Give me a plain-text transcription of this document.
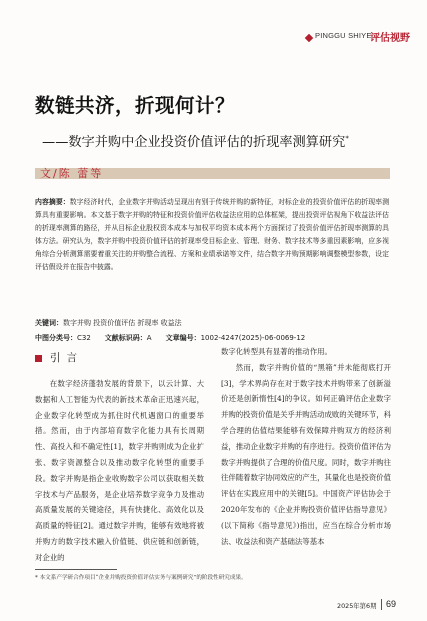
PINGGU SHIYE
评估视野
数链共济，折现何计？
——数字并购中企业投资价值评估的折现率测算研究*
文/陈 蕾等
内容摘要：数字经济时代，企业数字并购活动呈现出有别于传统并购的新特征，对标企业的投资价值评估的折现率测算具有重要影响。本文基于数字并购的特征和投资价值评估收益法应用的总体框架，提出投资评估视角下收益法评估的折现率测算的路径，并从目标企业股权资本成本与加权平均资本成本两个方面探讨了投资价值评估折现率测算的具体方法。研究认为，数字并购中投资价值评估的折现率受目标企业、管理、财务、数字技术等多重因素影响，应多视角综合分析测算需要着重关注的并购整合流程、方案和业绩承诺等文件，结合数字并购预期影响调整模型参数，设定评估假设并在报告中披露。
关键词：数字并购 投资价值评估 折现率 收益法
中图分类号：C32 文献标识码：A 文章编号：1002-4247(2025)-06-0069-12
引言

在数字经济蓬勃发展的背景下，以云计算、大数据和人工智能为代表的新技术革命正迅速兴起，企业数字化转型成为抓住时代机遇窗口的重要举措。然而，由于内部培育数字化能力具有长周期性、高投入和不确定性[1]，数字并购则成为企业扩张、数字资源整合以及推动数字化转型的重要手段。数字并购是指企业收购数字公司以获取相关数字技术与产品服务，是企业培养数字竞争力及推动高质量发展的关键途径，具有快捷化、高效化以及高质量的特征[2]。通过数字并购，能够有效地将被并购方的数字技术融入价值链、供应链和创新链，对企业的

数字化转型具有显著的推动作用。

然而，数字并购价值的“黑箱”并未能彻底打开[3]，学术界尚存在对于数字技术并购带来了创新溢价还是创新惰性[4]的争议。如何正确评估企业数字并购的投资价值是关乎并购活动成败的关键环节，科学合理的估值结果能够有效保障并购双方的经济利益，推动企业数字并购的有序进行。投资价值评估为数字并购提供了合理的价值尺度。同时，数字并购往往伴随着数字协同效应的产生，其量化也是投资价值评估在实践应用中的关键[5]。中国资产评估协会于2020年发布的《企业并购投资价值评估指导意见》(以下简称《指导意见》)指出，应当在综合分析市场法、收益法和资产基础法等基本

* 本文系产学研合作项目“企业并购投资价值评估实务与案例研究”的阶段性研究成果。
2025年第6期 69
